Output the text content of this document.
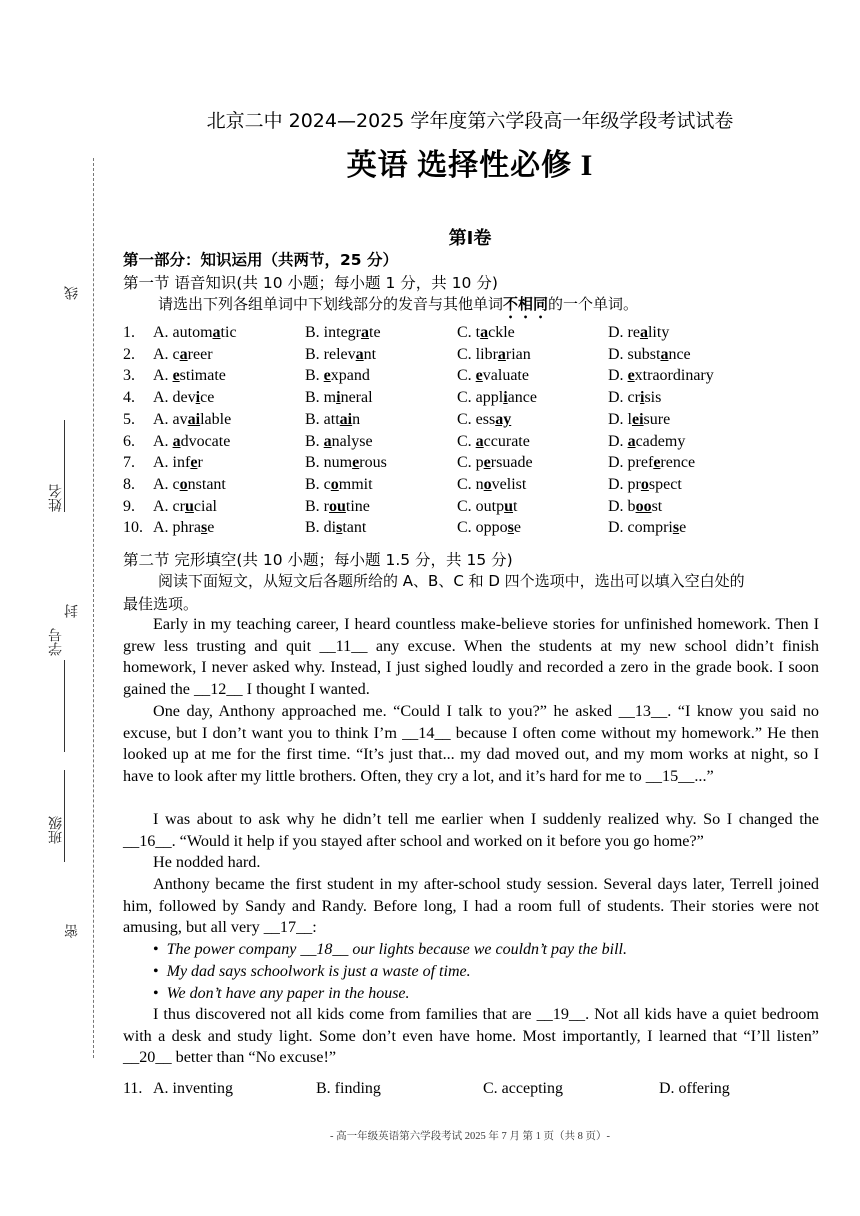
线
姓名
封
学号
班级
密
北京二中 2024—2025 学年度第六学段高一年级学段考试试卷
英语 选择性必修 I
第Ⅰ卷
第一部分：知识运用（共两节，25 分）
第一节 语音知识(共 10 小题；每小题 1 分，共 10 分)
请选出下列各组单词中下划线部分的发音与其他单词不相同的一个单词。
1. A. automatic	B. integrate	C. tackle	D. reality
2. A. career	B. relevant	C. librarian	D. substance
3. A. estimate	B. expand	C. evaluate	D. extraordinary
4. A. device	B. mineral	C. appliance	D. crisis
5. A. available	B. attain	C. essay	D. leisure
6. A. advocate	B. analyse	C. accurate	D. academy
7. A. infer	B. numerous	C. persuade	D. preference
8. A. constant	B. commit	C. novelist	D. prospect
9. A. crucial	B. routine	C. output	D. boost
10. A. phrase	B. distant	C. oppose	D. comprise
第二节 完形填空(共 10 小题；每小题 1.5 分，共 15 分)
阅读下面短文，从短文后各题所给的 A、B、C 和 D 四个选项中，选出可以填入空白处的
最佳选项。
Early in my teaching career, I heard countless make-believe stories for unfinished homework. Then I grew less trusting and quit __11__ any excuse. When the students at my new school didn’t finish homework, I never asked why. Instead, I just sighed loudly and recorded a zero in the grade book. I soon gained the __12__ I thought I wanted.
One day, Anthony approached me. “Could I talk to you?” he asked __13__. “I know you said no excuse, but I don’t want you to think I’m __14__ because I often come without my homework.” He then looked up at me for the first time. “It’s just that... my dad moved out, and my mom works at night, so I have to look after my little brothers. Often, they cry a lot, and it’s hard for me to __15__...”
I was about to ask why he didn’t tell me earlier when I suddenly realized why. So I changed the __16__. “Would it help if you stayed after school and worked on it before you go home?”
He nodded hard.
Anthony became the first student in my after-school study session. Several days later, Terrell joined him, followed by Sandy and Randy. Before long, I had a room full of students. Their stories were not amusing, but all very __17__:
• The power company __18__ our lights because we couldn’t pay the bill.
• My dad says schoolwork is just a waste of time.
• We don’t have any paper in the house.
I thus discovered not all kids come from families that are __19__. Not all kids have a quiet bedroom with a desk and study light. Some don’t even have home. Most importantly, I learned that “I’ll listen” __20__ better than “No excuse!”
11. A. inventing	B. finding	C. accepting	D. offering
- 高一年级英语第六学段考试 2025 年 7 月 第 1 页（共 8 页）-
